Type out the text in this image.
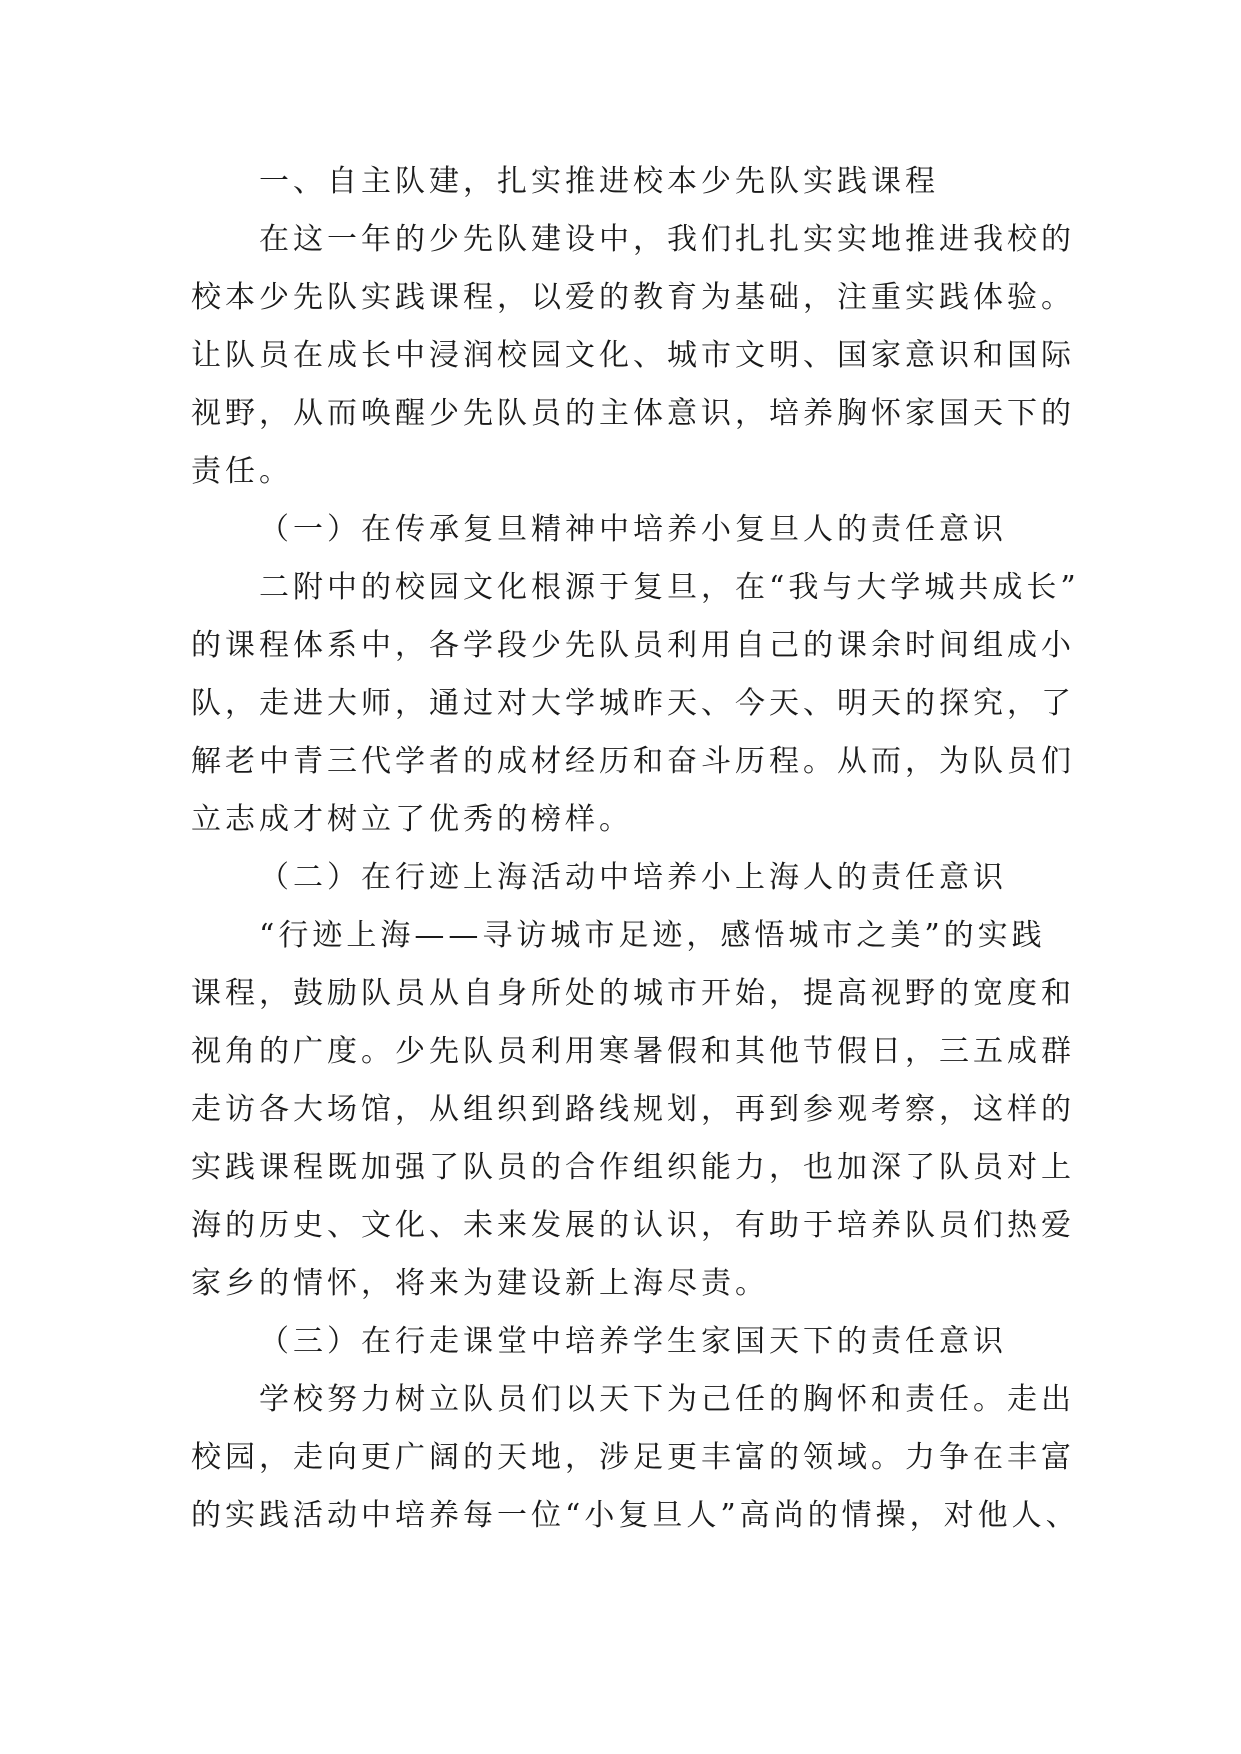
一、自主队建，扎实推进校本少先队实践课程
在这一年的少先队建设中，我们扎扎实实地推进我校的
校本少先队实践课程，以爱的教育为基础，注重实践体验。
让队员在成长中浸润校园文化、城市文明、国家意识和国际
视野，从而唤醒少先队员的主体意识，培养胸怀家国天下的
责任。
（一）在传承复旦精神中培养小复旦人的责任意识
二附中的校园文化根源于复旦，在“我与大学城共成长”
的课程体系中，各学段少先队员利用自己的课余时间组成小
队，走进大师，通过对大学城昨天、今天、明天的探究，了
解老中青三代学者的成材经历和奋斗历程。从而，为队员们
立志成才树立了优秀的榜样。
（二）在行迹上海活动中培养小上海人的责任意识
“行迹上海——寻访城市足迹，感悟城市之美”的实践
课程，鼓励队员从自身所处的城市开始，提高视野的宽度和
视角的广度。少先队员利用寒暑假和其他节假日，三五成群
走访各大场馆，从组织到路线规划，再到参观考察，这样的
实践课程既加强了队员的合作组织能力，也加深了队员对上
海的历史、文化、未来发展的认识，有助于培养队员们热爱
家乡的情怀，将来为建设新上海尽责。
（三）在行走课堂中培养学生家国天下的责任意识
学校努力树立队员们以天下为己任的胸怀和责任。走出
校园，走向更广阔的天地，涉足更丰富的领域。力争在丰富
的实践活动中培养每一位“小复旦人”高尚的情操，对他人、
